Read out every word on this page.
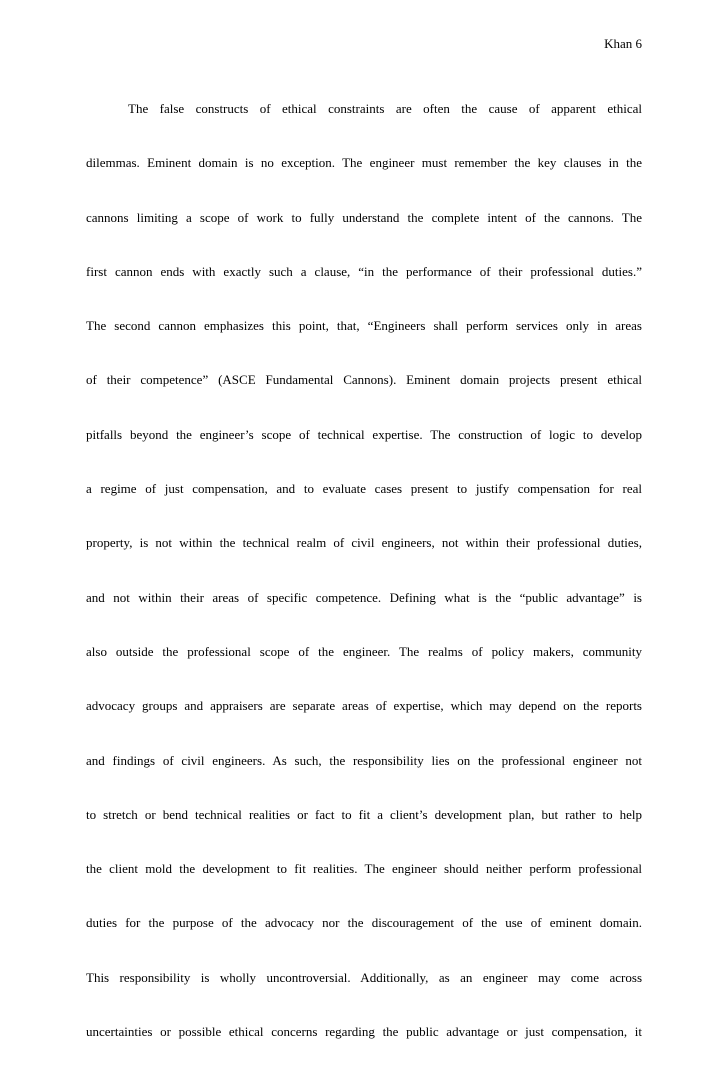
Khan 6
The false constructs of ethical constraints are often the cause of apparent ethical
dilemmas. Eminent domain is no exception. The engineer must remember the key clauses in the
cannons limiting a scope of work to fully understand the complete intent of the cannons. The
first cannon ends with exactly such a clause, “in the performance of their professional duties.”
The second cannon emphasizes this point, that, “Engineers shall perform services only in areas
of their competence” (ASCE Fundamental Cannons). Eminent domain projects present ethical
pitfalls beyond the engineer’s scope of technical expertise. The construction of logic to develop
a regime of just compensation, and to evaluate cases present to justify compensation for real
property, is not within the technical realm of civil engineers, not within their professional duties,
and not within their areas of specific competence. Defining what is the “public advantage” is
also outside the professional scope of the engineer. The realms of policy makers, community
advocacy groups and appraisers are separate areas of expertise, which may depend on the reports
and findings of civil engineers. As such, the responsibility lies on the professional engineer not
to stretch or bend technical realities or fact to fit a client’s development plan, but rather to help
the client mold the development to fit realities. The engineer should neither perform professional
duties for the purpose of the advocacy nor the discouragement of the use of eminent domain.
This responsibility is wholly uncontroversial. Additionally, as an engineer may come across
uncertainties or possible ethical concerns regarding the public advantage or just compensation, it
